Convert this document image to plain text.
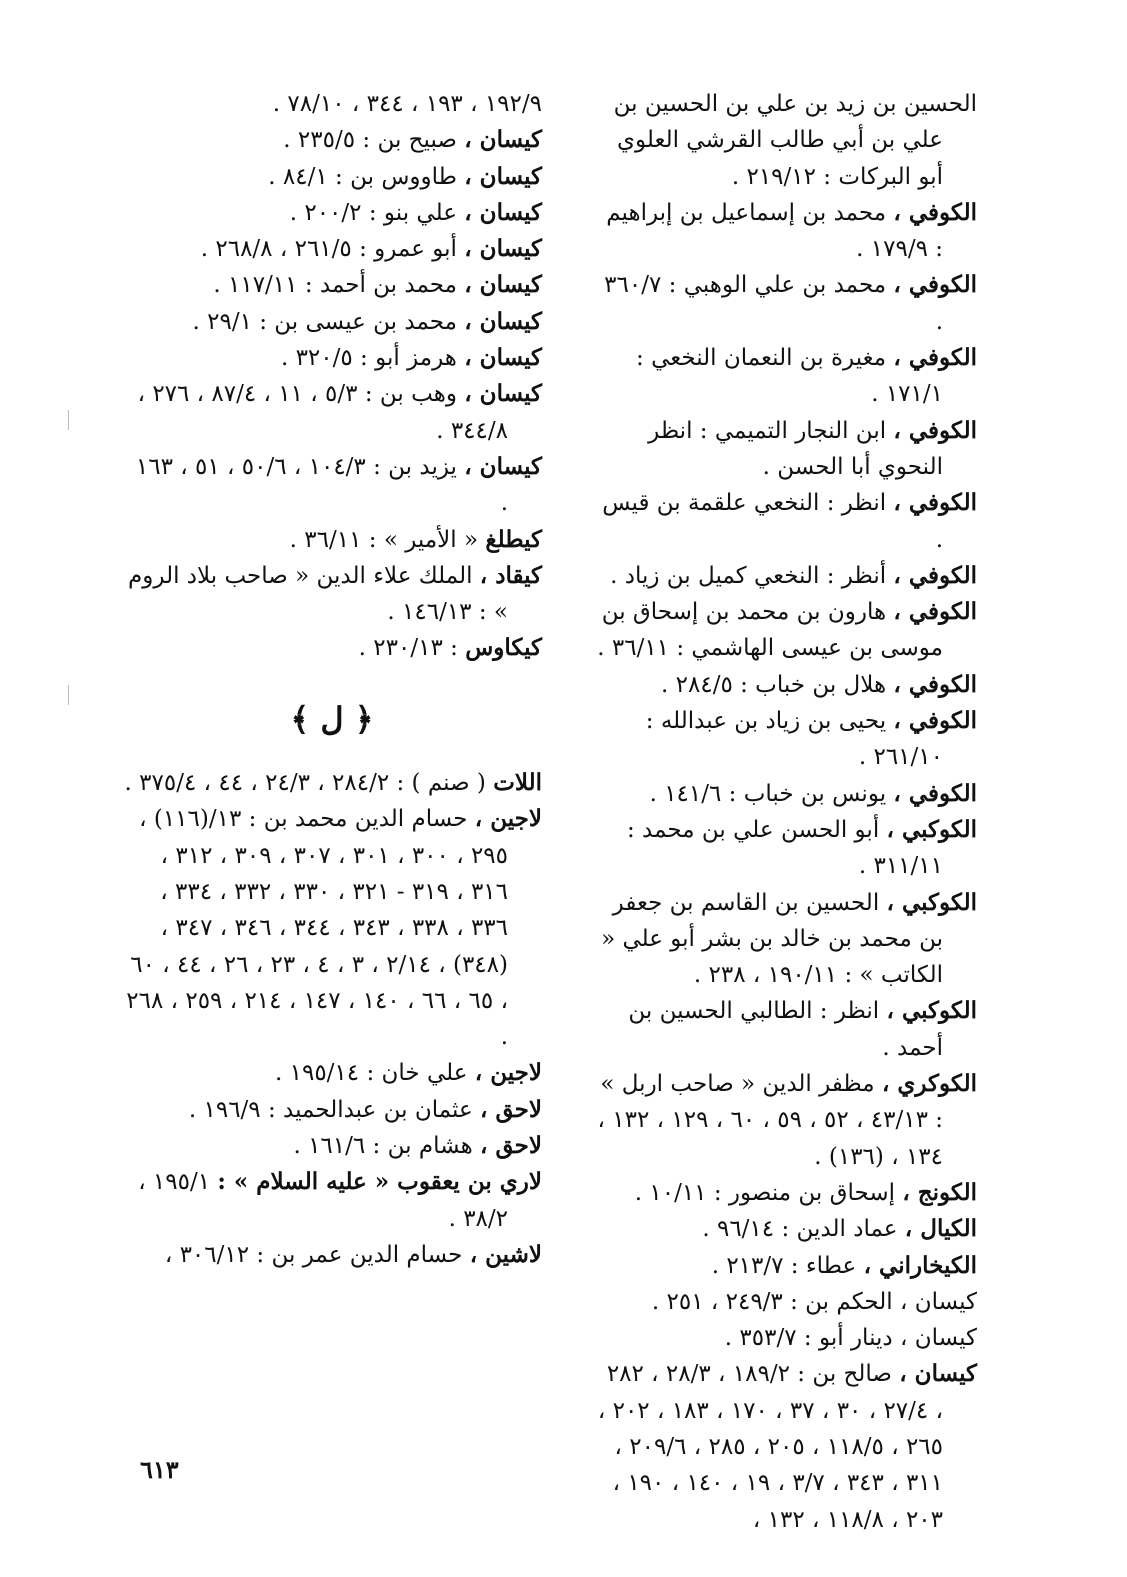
الحسين بن زيد بن علي بن الحسين بن علي بن أبي طالب القرشي العلوي أبو البركات : ٢١٩/١٢ .

الكوفي ، محمد بن إسماعيل بن إبراهيم : ١٧٩/٩ .

الكوفي ، محمد بن علي الوهبي : ٣٦٠/٧ .

الكوفي ، مغيرة بن النعمان النخعي : ١٧١/١ .

الكوفي ، ابن النجار التميمي : انظر النحوي أبا الحسن .

الكوفي ، انظر : النخعي علقمة بن قيس .

الكوفي ، أنظر : النخعي كميل بن زياد .

الكوفي ، هارون بن محمد بن إسحاق بن موسى بن عيسى الهاشمي : ٣٦/١١ .

الكوفي ، هلال بن خباب : ٢٨٤/٥ .

الكوفي ، يحيى بن زياد بن عبدالله : ٢٦١/١٠ .

الكوفي ، يونس بن خباب : ١٤١/٦ .

الكوكبي ، أبو الحسن علي بن محمد : ٣١١/١١ .

الكوكبي ، الحسين بن القاسم بن جعفر بن محمد بن خالد بن بشر أبو علي « الكاتب » : ١٩٠/١١ ، ٢٣٨ .

الكوكبي ، انظر : الطالبي الحسين بن أحمد .

الكوكري ، مظفر الدين « صاحب اربل » : ٤٣/١٣ ، ٥٢ ، ٥٩ ، ٦٠ ، ١٢٩ ، ١٣٢ ، ١٣٤ ، (١٣٦) .

الكونج ، إسحاق بن منصور : ١٠/١١ .

الكيال ، عماد الدين : ٩٦/١٤ .

الكيخاراني ، عطاء : ٢١٣/٧ .

كيسان ، الحكم بن : ٢٤٩/٣ ، ٢٥١ .

كيسان ، دينار أبو : ٣٥٣/٧ .

كيسان ، صالح بن : ١٨٩/٢ ، ٢٨/٣ ، ٢٨٢ ، ٢٧/٤ ، ٣٠ ، ٣٧ ، ١٧٠ ، ١٨٣ ، ٢٠٢ ، ٢٦٥ ، ١١٨/٥ ، ٢٠٥ ، ٢٨٥ ، ٢٠٩/٦ ، ٣١١ ، ٣٤٣ ، ٣/٧ ، ١٩ ، ١٤٠ ، ١٩٠ ، ٢٠٣ ، ١١٨/٨ ، ١٣٢ ،

١٩٢/٩ ، ١٩٣ ، ٣٤٤ ، ٧٨/١٠ .

كيسان ، صبيح بن : ٢٣٥/٥ .

كيسان ، طاووس بن : ٨٤/١ .

كيسان ، علي بنو : ٢٠٠/٢ .

كيسان ، أبو عمرو : ٢٦١/٥ ، ٢٦٨/٨ .

كيسان ، محمد بن أحمد : ١١٧/١١ .

كيسان ، محمد بن عيسى بن : ٢٩/١ .

كيسان ، هرمز أبو : ٣٢٠/٥ .

كيسان ، وهب بن : ٥/٣ ، ١١ ، ٨٧/٤ ، ٢٧٦ ، ٣٤٤/٨ .

كيسان ، يزيد بن : ١٠٤/٣ ، ٥٠/٦ ، ٥١ ، ١٦٣ .

كيطلغ « الأمير » : ٣٦/١١ .

كيقاد ، الملك علاء الدين « صاحب بلاد الروم » : ١٤٦/١٣ .

كيكاوس : ٢٣٠/١٣ .

﴿ ل ﴾

اللات ( صنم ) : ٢٨٤/٢ ، ٢٤/٣ ، ٤٤ ، ٣٧٥/٤ .

لاجين ، حسام الدين محمد بن : ١٣/(١١٦) ، ٢٩٥ ، ٣٠٠ ، ٣٠١ ، ٣٠٧ ، ٣٠٩ ، ٣١٢ ، ٣١٦ ، ٣١٩ - ٣٢١ ، ٣٣٠ ، ٣٣٢ ، ٣٣٤ ، ٣٣٦ ، ٣٣٨ ، ٣٤٣ ، ٣٤٤ ، ٣٤٦ ، ٣٤٧ ، (٣٤٨) ، ٢/١٤ ، ٣ ، ٤ ، ٢٣ ، ٢٦ ، ٤٤ ، ٦٠ ، ٦٥ ، ٦٦ ، ١٤٠ ، ١٤٧ ، ٢١٤ ، ٢٥٩ ، ٢٦٨ .

لاجين ، علي خان : ١٩٥/١٤ .

لاحق ، عثمان بن عبدالحميد : ١٩٦/٩ .

لاحق ، هشام بن : ١٦١/٦ .

لاري بن يعقوب « عليه السلام » : ١٩٥/١ ، ٣٨/٢ .

لاشين ، حسام الدين عمر بن : ٣٠٦/١٢ ،

٦١٣
